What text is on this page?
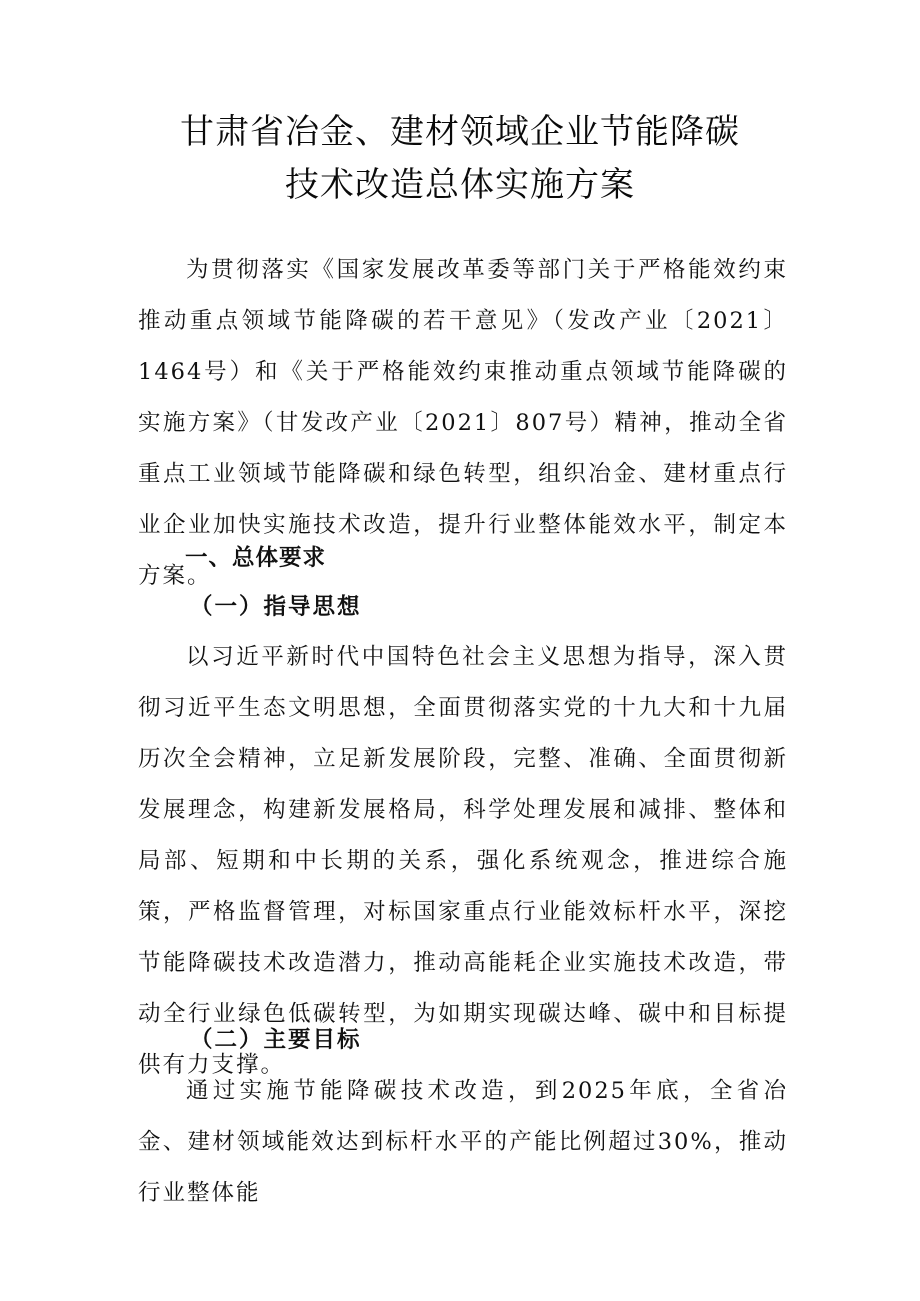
甘肃省冶金、建材领域企业节能降碳
技术改造总体实施方案

为贯彻落实《国家发展改革委等部门关于严格能效约束推动重点领域节能降碳的若干意见》（发改产业〔2021〕1464号）和《关于严格能效约束推动重点领域节能降碳的实施方案》（甘发改产业〔2021〕807号）精神，推动全省重点工业领域节能降碳和绿色转型，组织冶金、建材重点行业企业加快实施技术改造，提升行业整体能效水平，制定本方案。

一、总体要求
（一）指导思想

以习近平新时代中国特色社会主义思想为指导，深入贯彻习近平生态文明思想，全面贯彻落实党的十九大和十九届历次全会精神，立足新发展阶段，完整、准确、全面贯彻新发展理念，构建新发展格局，科学处理发展和减排、整体和局部、短期和中长期的关系，强化系统观念，推进综合施策，严格监督管理，对标国家重点行业能效标杆水平，深挖节能降碳技术改造潜力，推动高能耗企业实施技术改造，带动全行业绿色低碳转型，为如期实现碳达峰、碳中和目标提供有力支撑。

（二）主要目标

通过实施节能降碳技术改造，到2025年底，全省冶金、建材领域能效达到标杆水平的产能比例超过30%，推动行业整体能
